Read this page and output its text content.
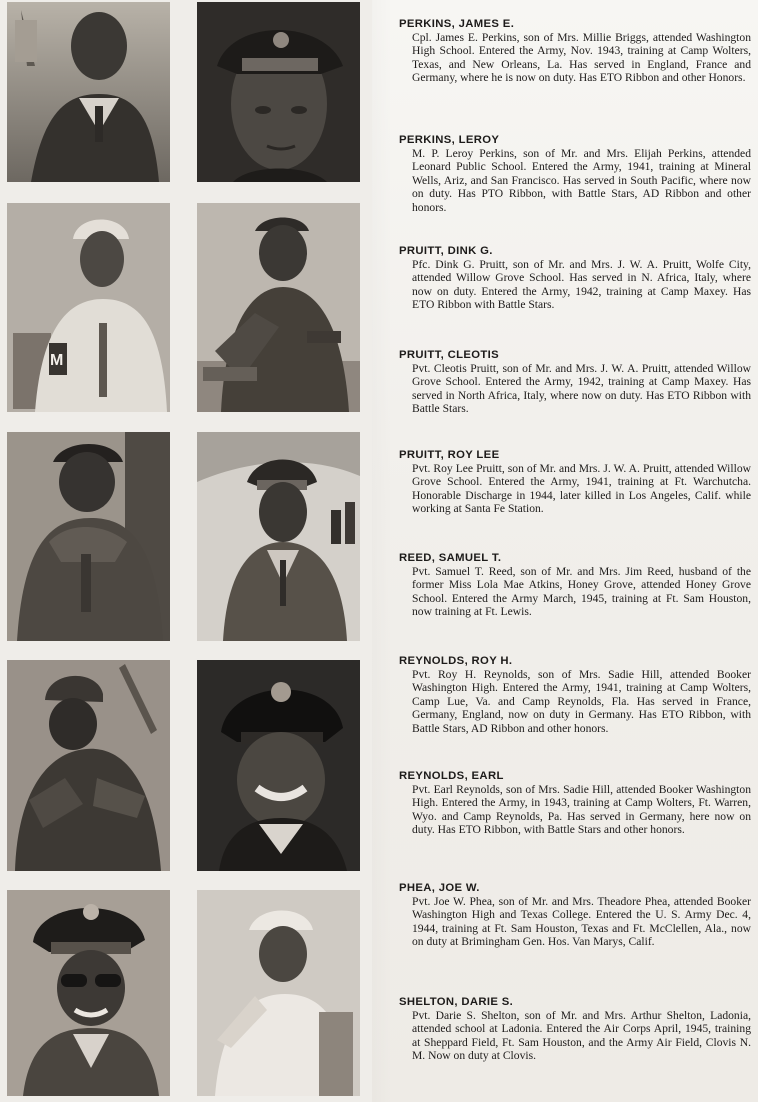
M
PERKINS, JAMES E.
Cpl. James E. Perkins, son of Mrs. Millie Briggs, attended Washington High School. Entered the Army, Nov. 1943, training at Camp Wolters, Texas, and New Orleans, La. Has served in England, France and Germany, where he is now on duty. Has ETO Ribbon and other Honors.
PERKINS, LEROY
M. P. Leroy Perkins, son of Mr. and Mrs. Elijah Perkins, attended Leonard Public School. Entered the Army, 1941, training at Mineral Wells, Ariz, and San Francisco. Has served in South Pacific, where now on duty. Has PTO Ribbon, with Battle Stars, AD Ribbon and other honors.
PRUITT, DINK G.
Pfc. Dink G. Pruitt, son of Mr. and Mrs. J. W. A. Pruitt, Wolfe City, attended Willow Grove School. Has served in N. Africa, Italy, where now on duty. Entered the Army, 1942, training at Camp Maxey. Has ETO Ribbon with Battle Stars.
PRUITT, CLEOTIS
Pvt. Cleotis Pruitt, son of Mr. and Mrs. J. W. A. Pruitt, attended Willow Grove School. Entered the Army, 1942, training at Camp Maxey. Has served in North Africa, Italy, where now on duty. Has ETO Ribbon with Battle Stars.
PRUITT, ROY LEE
Pvt. Roy Lee Pruitt, son of Mr. and Mrs. J. W. A. Pruitt, attended Willow Grove School. Entered the Army, 1941, training at Ft. Warchutcha. Honorable Discharge in 1944, later killed in Los Angeles, Calif. while working at Santa Fe Station.
REED, SAMUEL T.
Pvt. Samuel T. Reed, son of Mr. and Mrs. Jim Reed, husband of the former Miss Lola Mae Atkins, Honey Grove, attended Honey Grove School. Entered the Army March, 1945, training at Ft. Sam Houston, now training at Ft. Lewis.
REYNOLDS, ROY H.
Pvt. Roy H. Reynolds, son of Mrs. Sadie Hill, attended Booker Washington High. Entered the Army, 1941, training at Camp Wolters, Camp Lue, Va. and Camp Reynolds, Fla. Has served in France, Germany, England, now on duty in Germany. Has ETO Ribbon, with Battle Stars, AD Ribbon and other honors.
REYNOLDS, EARL
Pvt. Earl Reynolds, son of Mrs. Sadie Hill, attended Booker Washington High. Entered the Army, in 1943, training at Camp Wolters, Ft. Warren, Wyo. and Camp Reynolds, Pa. Has served in Germany, here now on duty. Has ETO Ribbon, with Battle Stars and other honors.
PHEA, JOE W.
Pvt. Joe W. Phea, son of Mr. and Mrs. Theadore Phea, attended Booker Washington High and Texas College. Entered the U. S. Army Dec. 4, 1944, training at Ft. Sam Houston, Texas and Ft. McClellen, Ala., now on duty at Brimingham Gen. Hos. Van Marys, Calif.
SHELTON, DARIE S.
Pvt. Darie S. Shelton, son of Mr. and Mrs. Arthur Shelton, Ladonia, attended school at Ladonia. Entered the Air Corps April, 1945, training at Sheppard Field, Ft. Sam Houston, and the Army Air Field, Clovis N. M. Now on duty at Clovis.
